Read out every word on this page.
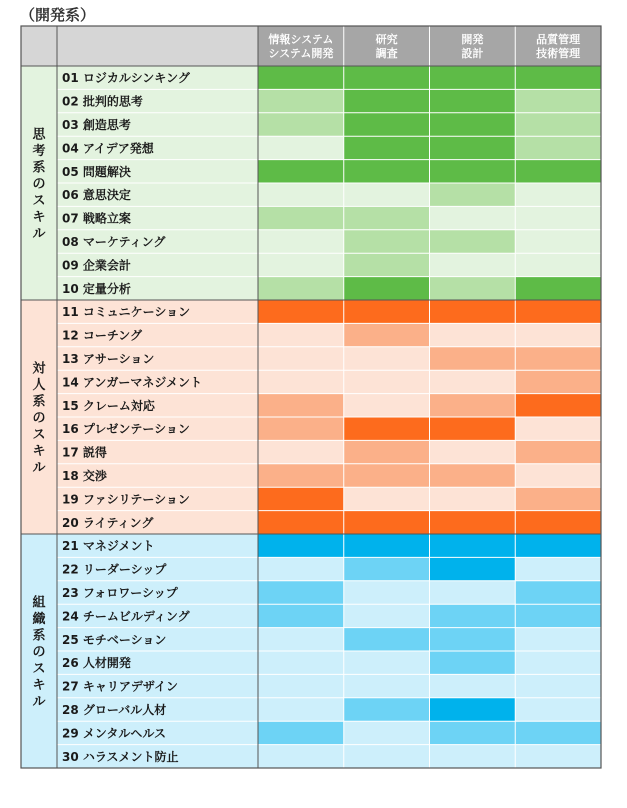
（開発系）
情報システム
システム開発
研究
調査
開発
設計
品質管理
技術管理
思
考
系
の
ス
キ
ル
01 ロジカルシンキング
02 批判的思考
03 創造思考
04 アイデア発想
05 問題解決
06 意思決定
07 戦略立案
08 マーケティング
09 企業会計
10 定量分析
対
人
系
の
ス
キ
ル
11 コミュニケーション
12 コーチング
13 アサーション
14 アンガーマネジメント
15 クレーム対応
16 プレゼンテーション
17 説得
18 交渉
19 ファシリテーション
20 ライティング
組
織
系
の
ス
キ
ル
21 マネジメント
22 リーダーシップ
23 フォロワーシップ
24 チームビルディング
25 モチベーション
26 人材開発
27 キャリアデザイン
28 グローバル人材
29 メンタルヘルス
30 ハラスメント防止
